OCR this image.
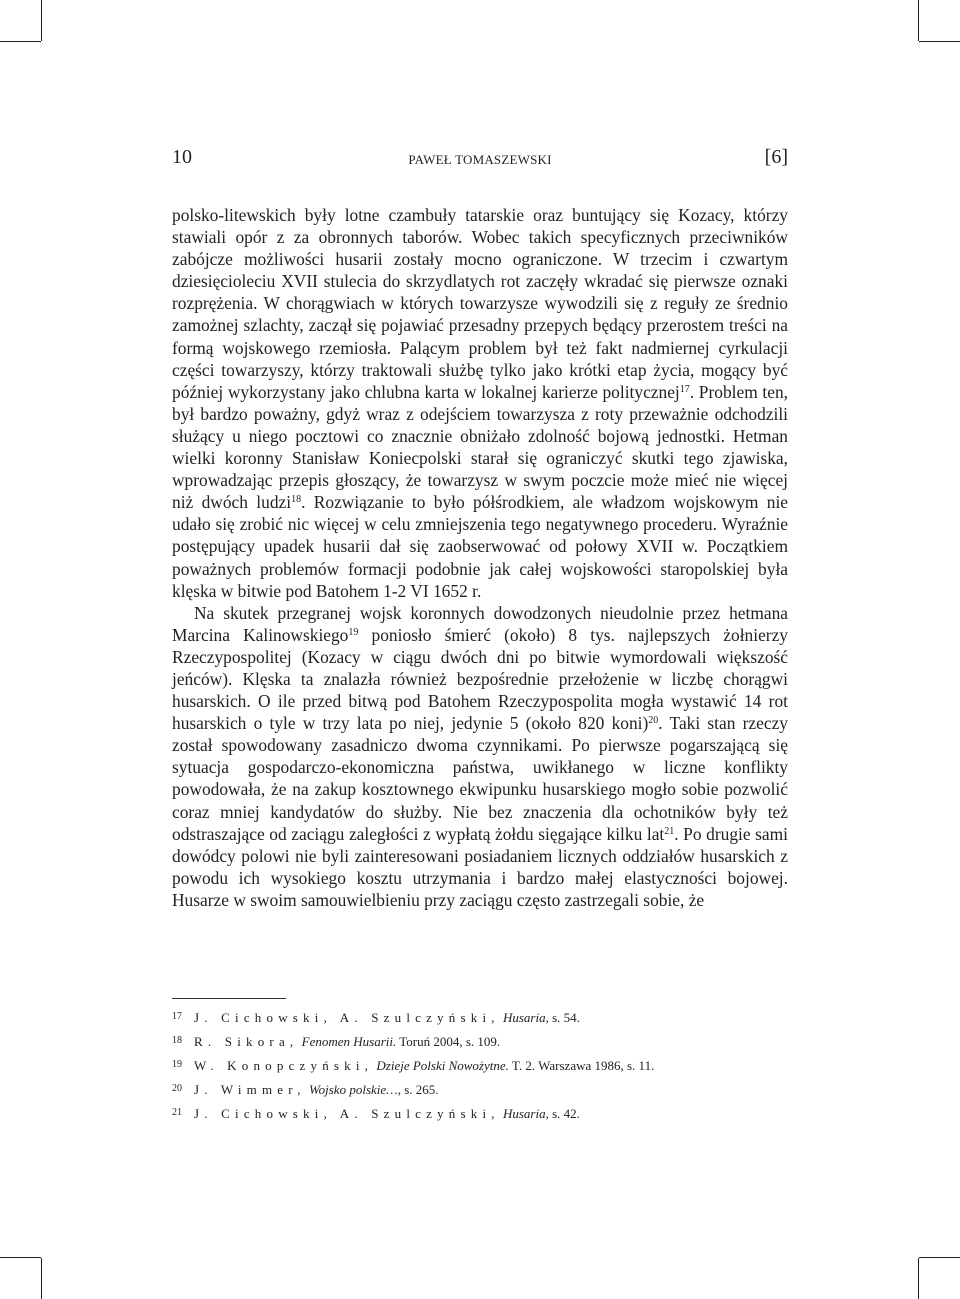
10	PAWEŁ TOMASZEWSKI	[6]

polsko-litewskich były lotne czambuły tatarskie oraz buntujący się Kozacy, którzy stawiali opór z za obronnych taborów. Wobec takich specyficznych przeciwników zabójcze możliwości husarii zostały mocno ograniczone. W trzecim i czwartym dziesięcioleciu XVII stulecia do skrzydlatych rot zaczęły wkradać się pierwsze oznaki rozprężenia. W chorągwiach w których towarzysze wywodzili się z reguły ze średnio zamożnej szlachty, zaczął się pojawiać przesadny przepych będący przerostem treści na formą wojskowego rzemiosła. Palącym problem był też fakt nadmiernej cyrkulacji części towarzyszy, którzy traktowali służbę tylko jako krótki etap życia, mogący być później wykorzystany jako chlubna karta w lokalnej karierze politycznej$^{17}$. Problem ten, był bardzo poważny, gdyż wraz z odejściem towarzysza z roty przeważnie odchodzili służący u niego pocztowi co znacznie obniżało zdolność bojową jednostki. Hetman wielki koronny Stanisław Koniecpolski starał się ograniczyć skutki tego zjawiska, wprowadzając przepis głoszący, że towarzysz w swym poczcie może mieć nie więcej niż dwóch ludzi$^{18}$. Rozwiązanie to było półśrodkiem, ale władzom wojskowym nie udało się zrobić nic więcej w celu zmniejszenia tego negatywnego procederu. Wyraźnie postępujący upadek husarii dał się zaobserwować od połowy XVII w. Początkiem poważnych problemów formacji podobnie jak całej wojskowości staropolskiej była klęska w bitwie pod Batohem 1-2 VI 1652 r.

Na skutek przegranej wojsk koronnych dowodzonych nieudolnie przez hetmana Marcina Kalinowskiego$^{19}$ poniosło śmierć (około) 8 tys. najlepszych żołnierzy Rzeczypospolitej (Kozacy w ciągu dwóch dni po bitwie wymordowali większość jeńców). Klęska ta znalazła również bezpośrednie przełożenie w liczbę chorągwi husarskich. O ile przed bitwą pod Batohem Rzeczypospolita mogła wystawić 14 rot husarskich o tyle w trzy lata po niej, jedynie 5 (około 820 koni)$^{20}$. Taki stan rzeczy został spowodowany zasadniczo dwoma czynnikami. Po pierwsze pogarszającą się sytuacja gospodarczo-ekonomiczna państwa, uwikłanego w liczne konflikty powodowała, że na zakup kosztownego ekwipunku husarskiego mogło sobie pozwolić coraz mniej kandydatów do służby. Nie bez znaczenia dla ochotników były też odstraszające od zaciągu zaległości z wypłatą żołdu sięgające kilku lat$^{21}$. Po drugie sami dowódcy polowi nie byli zainteresowani posiadaniem licznych oddziałów husarskich z powodu ich wysokiego kosztu utrzymania i bardzo małej elastyczności bojowej. Husarze w swoim samouwielbieniu przy zaciągu często zastrzegali sobie, że

17 J. Cichowski, A. Szulczyński, Husaria, s. 54.
18 R. Sikora, Fenomen Husarii. Toruń 2004, s. 109.
19 W. Konopczyński, Dzieje Polski Nowożytne. T. 2. Warszawa 1986, s. 11.
20 J. Wimmer, Wojsko polskie…, s. 265.
21 J. Cichowski, A. Szulczyński, Husaria, s. 42.
